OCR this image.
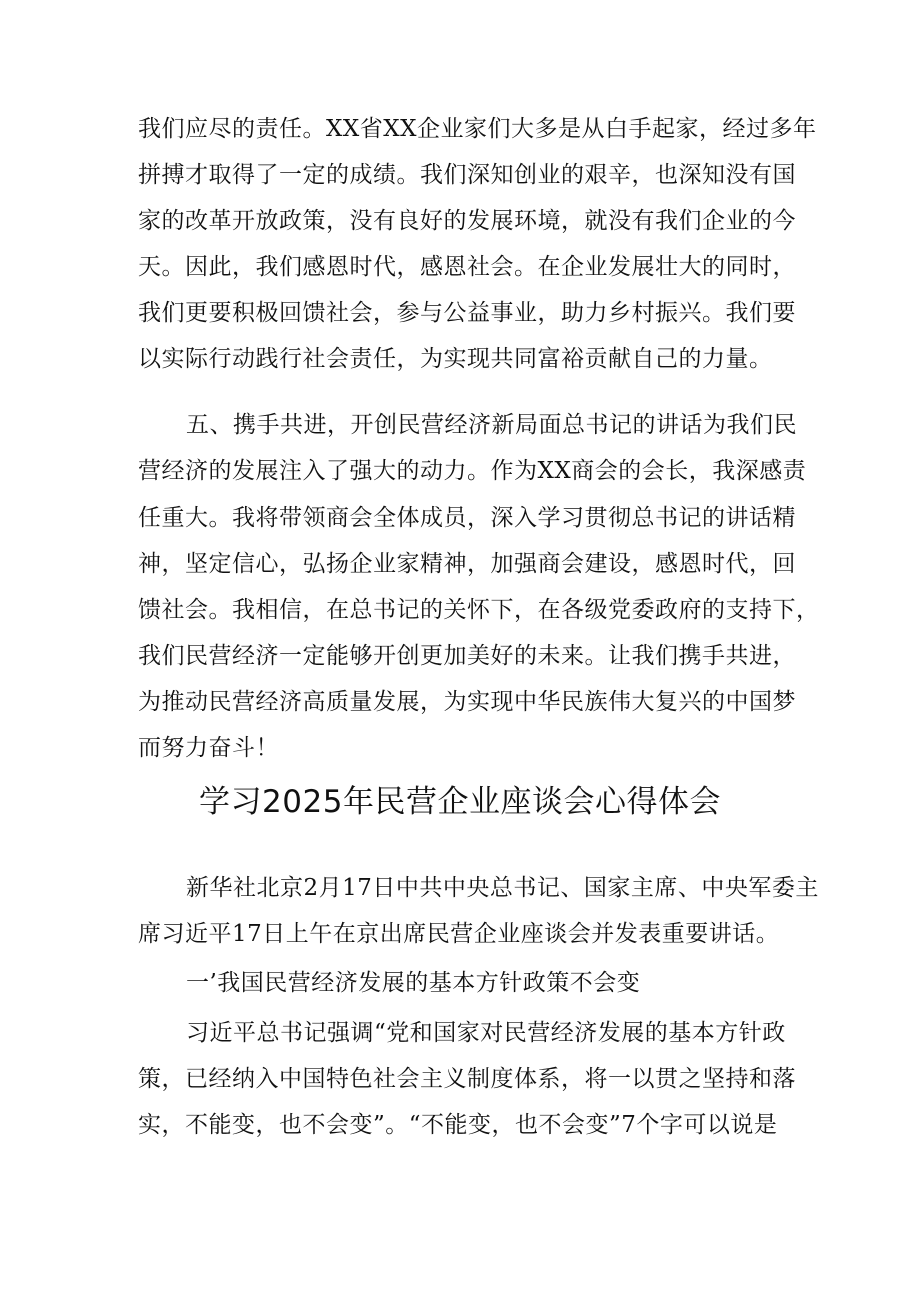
我们应尽的责任。XX省XX企业家们大多是从白手起家，经过多年
拼搏才取得了一定的成绩。我们深知创业的艰辛，也深知没有国
家的改革开放政策，没有良好的发展环境，就没有我们企业的今
天。因此，我们感恩时代，感恩社会。在企业发展壮大的同时，
我们更要积极回馈社会，参与公益事业，助力乡村振兴。我们要
以实际行动践行社会责任，为实现共同富裕贡献自己的力量。
五、携手共进，开创民营经济新局面总书记的讲话为我们民
营经济的发展注入了强大的动力。作为XX商会的会长，我深感责
任重大。我将带领商会全体成员，深入学习贯彻总书记的讲话精
神，坚定信心，弘扬企业家精神，加强商会建设，感恩时代，回
馈社会。我相信，在总书记的关怀下，在各级党委政府的支持下，
我们民营经济一定能够开创更加美好的未来。让我们携手共进，
为推动民营经济高质量发展，为实现中华民族伟大复兴的中国梦
而努力奋斗！
学习2025年民营企业座谈会心得体会
新华社北京2月17日中共中央总书记、国家主席、中央军委主
席习近平17日上午在京出席民营企业座谈会并发表重要讲话。
一’我国民营经济发展的基本方针政策不会变
习近平总书记强调“党和国家对民营经济发展的基本方针政
策，已经纳入中国特色社会主义制度体系，将一以贯之坚持和落
实，不能变，也不会变”。“不能变，也不会变”7个字可以说是
